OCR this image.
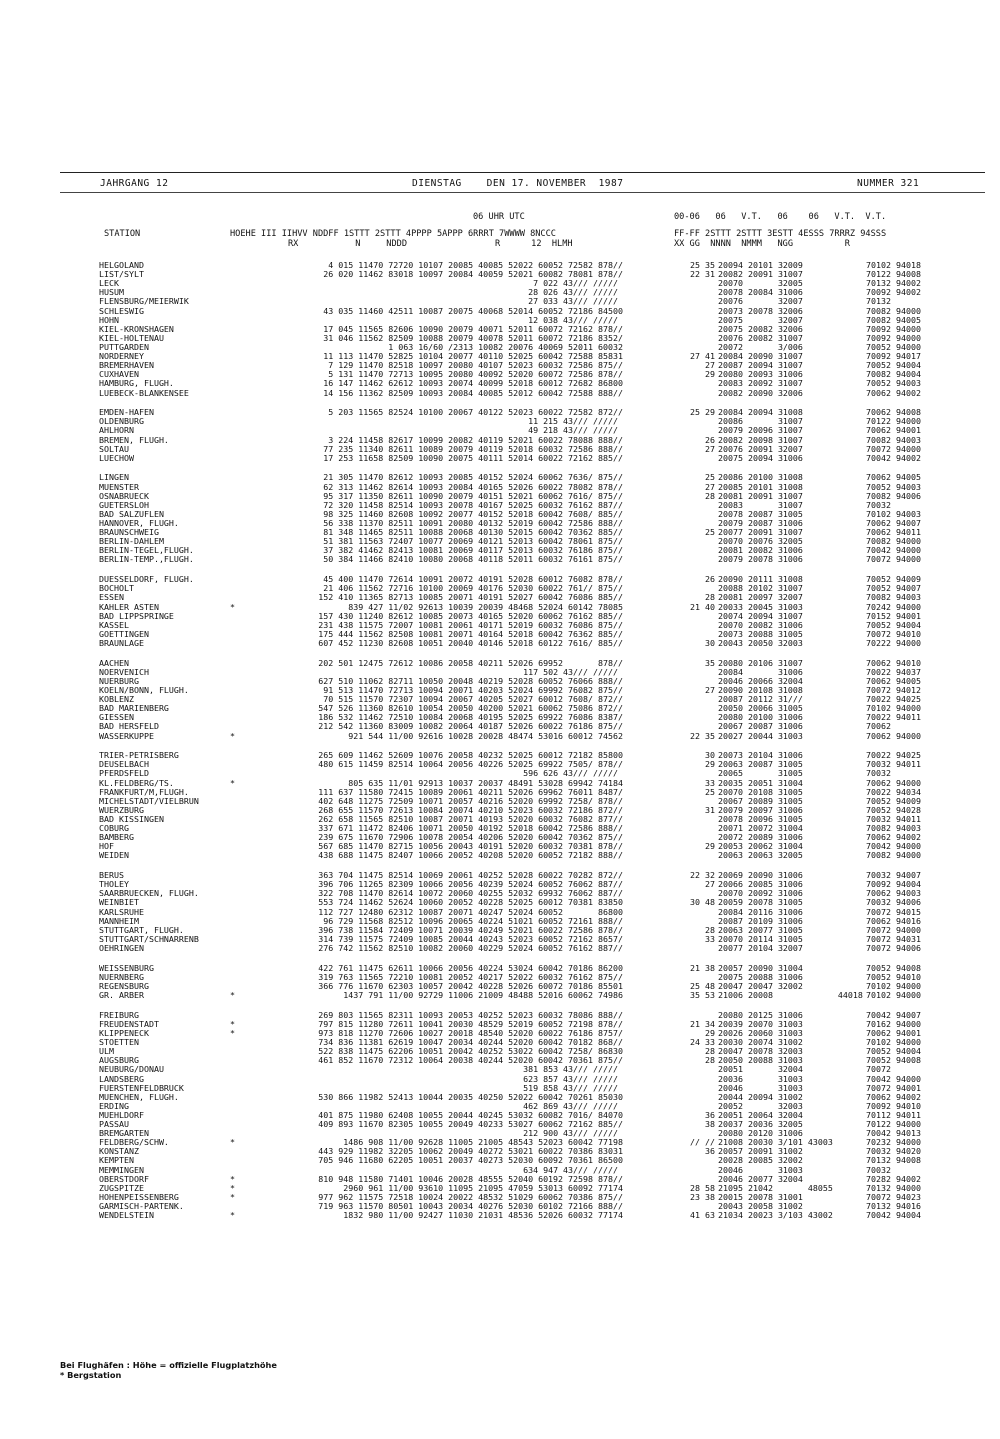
JAHRGANG 12	DIENSTAG    DEN 17. NOVEMBER  1987	NUMMER 321
06 UHR UTC	00-06   06   V.T.   06    06   V.T.  V.T.
STATION	HOEHE III IIHVV NDDFF 1STTT 2STTT 4PPPP 5APPP 6RRRT 7WWWW 8NCCC
RX           N     NDDD                 R      12  HLMH
FF-FF 2STTT 2STTT 3ESTT 4ESSS 7RRRZ 94SSS
XX GG  NNNN  NMMM   NGG          R
HELGOLAND	4 015 11470 72720 10107 20085 40085 52022 60052 72582 878//	25 35 20094 20101 32009	70102 94018
LIST/SYLT	26 020 11462 83018 10097 20084 40059 52021 60082 78081 878//	22 31 20082 20091 31007	70122 94008
LECK	7 022 43/// /////	20070       32005	70132 94002
HUSUM	28 026 43/// /////	20078 20084 31006	70092 94002
FLENSBURG/MEIERWIK	27 033 43/// /////	20076       32007	70132
SCHLESWIG	43 035 11460 42511 10087 20075 40068 52014 60052 72186 84500	20073 20078 32006	70082 94000
HOHN	12 038 43/// /////	20075       32007	70082 94005
KIEL-KRONSHAGEN	17 045 11565 82606 10090 20079 40071 52011 60072 72162 878//	20075 20082 32006	70092 94000
KIEL-HOLTENAU	31 046 11562 82509 10088 20079 40078 52011 60072 72186 8352/	20076 20082 31007	70092 94000
PUTTGARDEN	1 063 16/60 /2313 10082 20076 40069 52011 60032	20072       3/006	70052 94000
NORDERNEY	11 113 11470 52825 10104 20077 40110 52025 60042 72588 85831	27 41 20084 20090 31007	70092 94017
BREMERHAVEN	7 129 11470 82518 10097 20080 40107 52023 60032 72586 875//	27 20087 20094 31007	70052 94004
CUXHAVEN	5 131 11470 72713 10095 20080 40092 52020 60072 72586 878//	29 20080 20093 31006	70082 94004
HAMBURG, FLUGH.	16 147 11462 62612 10093 20074 40099 52018 60012 72682 86800	20083 20092 31007	70052 94003
LUEBECK-BLANKENSEE	14 156 11362 82509 10093 20084 40085 52012 60042 72588 888//	20082 20090 32006	70062 94002
EMDEN-HAFEN	5 203 11565 82524 10100 20067 40122 52023 60022 72582 872//	25 29 20084 20094 31008	70062 94008
OLDENBURG	11 215 43/// /////	20086       31007	70122 94000
AHLHORN	49 218 43/// /////	20079 20096 31007	70062 94001
BREMEN, FLUGH.	3 224 11458 82617 10099 20082 40119 52021 60022 78088 888//	26 20082 20098 31007	70082 94003
SOLTAU	77 235 11340 82611 10089 20079 40119 52018 60032 72586 888//	27 20076 20091 32007	70072 94000
LUECHOW	17 253 11658 82509 10090 20075 40111 52014 60022 72162 885//	20075 20094 31006	70042 94002
LINGEN	21 305 11470 82612 10093 20085 40152 52024 60062 7636/ 875//	25 20086 20100 31008	70062 94005
MUENSTER	62 313 11462 82614 10093 20084 40165 52026 60022 78082 878//	27 20085 20101 31008	70052 94003
OSNABRUECK	95 317 11350 82611 10090 20079 40151 52021 60062 7616/ 875//	28 20081 20091 31007	70082 94006
GUETERSLOH	72 320 11458 82514 10093 20078 40167 52025 60032 76162 887//	20083       31007	70032
BAD SALZUFLEN	98 325 11460 82608 10092 20077 40152 52018 60042 7608/ 885//	20078 20087 31005	70102 94003
HANNOVER, FLUGH.	56 338 11370 82511 10091 20080 40132 52019 60042 72586 888//	20079 20087 31006	70062 94007
BRAUNSCHWEIG	81 348 11465 82511 10088 20068 40130 52015 60042 70362 885//	25 20077 20091 31007	70062 94011
BERLIN-DAHLEM	51 381 11563 72407 10077 20069 40121 52013 60042 78061 875//	20070 20076 32005	70082 94000
BERLIN-TEGEL,FLUGH.	37 382 41462 82413 10081 20069 40117 52013 60032 76186 875//	20081 20082 31006	70042 94000
BERLIN-TEMP.,FLUGH.	50 384 11466 82410 10080 20068 40118 52011 60032 76161 875//	20079 20078 31006	70072 94000
DUESSELDORF, FLUGH.	45 400 11470 72614 10091 20072 40191 52028 60012 76082 878//	26 20090 20111 31008	70052 94009
BOCHOLT	21 406 11562 72716 10100 20069 40176 52030 60022 761// 875//	20088 20102 31007	70052 94007
ESSEN	152 410 11365 82713 10085 20071 40191 52027 60042 76086 885//	28 20081 20097 32007	70082 94003
KAHLER ASTEN	*	839 427 11/02 92613 10039 20039 48468 52024 60142 78085	21 40 20033 20045 31003	70242 94000
BAD LIPPSPRINGE	157 430 11240 82612 10085 20073 40165 52020 60062 76162 885//	20074 20094 31007	70152 94001
KASSEL	231 438 11575 72007 10081 20061 40171 52019 60032 76086 875//	20070 20082 31006	70052 94004
GOETTINGEN	175 444 11562 82508 10081 20071 40164 52018 60042 76362 885//	20073 20088 31005	70072 94010
BRAUNLAGE	607 452 11230 82608 10051 20040 40146 52018 60122 7616/ 885//	30 20043 20050 32003	70222 94000
AACHEN	202 501 12475 72612 10086 20058 40211 52026 69952       878//	35 20080 20106 31007	70062 94010
NOERVENICH	117 502 43/// /////	20084       31006	70022 94037
NUERBURG	627 510 11062 82711 10050 20048 40219 52028 60052 76066 888//	20046 20066 32004	70062 94005
KOELN/BONN, FLUGH.	91 513 11470 72713 10094 20071 40203 52024 69992 76082 875//	27 20090 20108 31008	70072 94012
KOBLENZ	70 515 11570 72307 10094 20067 40205 52027 60012 7608/ 872//	20087 20112 31///	70022 94025
BAD MARIENBERG	547 526 11360 82610 10054 20050 40200 52021 60062 75086 872//	20050 20066 31005	70102 94000
GIESSEN	186 532 11462 72510 10084 20068 40195 52025 69922 76086 8387/	20080 20100 31006	70022 94011
BAD HERSFELD	212 542 11360 83009 10082 20064 40187 52026 60022 76186 875//	20067 20087 31006	70062
WASSERKUPPE	*	921 544 11/00 92616 10028 20028 48474 53016 60012 74562	22 35 20027 20044 31003	70062 94000
TRIER-PETRISBERG	265 609 11462 52609 10076 20058 40232 52025 60012 72182 85800	30 20073 20104 31006	70022 94025
DEUSELBACH	480 615 11459 82514 10064 20056 40226 52025 69922 7505/ 878//	29 20063 20087 31005	70032 94011
PFERDSFELD	596 626 43/// /////	20065       31005	70032
KL.FELDBERG/TS.	*	805 635 11/01 92913 10037 20037 48491 53028 69942 74184	33 20035 20051 31004	70062 94000
FRANKFURT/M,FLUGH.	111 637 11580 72415 10089 20061 40211 52026 69962 76011 8487/	25 20070 20108 31005	70022 94034
MICHELSTADT/VIELBRUN	402 648 11275 72509 10071 20057 40216 52020 69992 7258/ 878//	20067 20089 31005	70052 94009
WUERZBURG	268 655 11570 72613 10084 20074 40210 52023 60032 72186 872//	31 20079 20097 31006	70052 94028
BAD KISSINGEN	262 658 11565 82510 10087 20071 40193 52020 60032 76082 877//	20078 20096 31005	70032 94011
COBURG	337 671 11472 82406 10071 20050 40192 52018 60042 72586 888//	20071 20072 31004	70082 94003
BAMBERG	239 675 11670 72906 10078 20054 40206 52020 60042 70362 875//	20072 20089 31006	70062 94002
HOF	567 685 11470 82715 10056 20043 40191 52020 60032 70381 878//	29 20053 20062 31004	70042 94000
WEIDEN	438 688 11475 82407 10066 20052 40208 52020 60052 72182 888//	20063 20063 32005	70082 94000
BERUS	363 704 11475 82514 10069 20061 40252 52028 60022 70282 872//	22 32 20069 20090 31006	70032 94007
THOLEY	396 706 11265 82309 10066 20056 40239 52024 60052 76062 887//	27 20066 20085 31006	70092 94004
SAARBRUECKEN, FLUGH.	322 708 11470 82614 10072 20060 40255 52032 69932 76062 887//	20070 20092 31006	70062 94003
WEINBIET	553 724 11462 52624 10060 20052 40228 52025 60012 70381 83850	30 48 20059 20078 31005	70032 94006
KARLSRUHE	112 727 12480 62312 10087 20071 40247 52024 60052       86800	20084 20116 31006	70072 94015
MANNHEIM	96 729 11568 82512 10096 20065 40224 51021 60052 72161 888//	20087 20109 31006	70062 94016
STUTTGART, FLUGH.	396 738 11584 72409 10071 20039 40249 52021 60022 72586 878//	28 20063 20077 31005	70072 94000
STUTTGART/SCHNARRENB	314 739 11575 72409 10085 20044 40243 52023 60052 72162 8657/	33 20070 20114 31005	70072 94031
OEHRINGEN	276 742 11562 82510 10082 20060 40229 52024 60052 76162 887//	20077 20104 32007	70072 94006
WEISSENBURG	422 761 11475 62611 10066 20056 40224 53024 60042 70186 86200	21 38 20057 20090 31004	70052 94008
NUERNBERG	319 763 11565 72210 10081 20052 40217 52022 60032 76162 875//	20075 20088 31006	70052 94010
REGENSBURG	366 776 11670 62303 10057 20042 40228 52026 60072 70186 85501	25 48 20047 20047 32002	70102 94000
GR. ARBER	*	1437 791 11/00 92729 11006 21009 48488 52016 60062 74986	35 53 21006 20008             44018 70102 94000
FREIBURG	269 803 11565 82311 10093 20053 40252 52023 60032 78086 888//	20080 20125 31006	70042 94007
FREUDENSTADT	*	797 815 11280 72611 10041 20030 48529 52019 60052 72198 878//	21 34 20039 20070 31003	70162 94000
KLIPPENECK	*	973 818 11270 72606 10027 20018 48540 52020 60022 76186 8757/	29 20026 20060 31003	70062 94001
STOETTEN	734 836 11381 62619 10047 20034 40244 52020 60042 70182 868//	24 33 20030 20074 31002	70102 94000
ULM	522 838 11475 62206 10051 20042 40252 53022 60042 7258/ 86830	28 20047 20078 32003	70052 94004
AUGSBURG	461 852 11670 72312 10064 20038 40244 52020 60042 70361 875//	28 20050 20088 31003	70052 94008
NEUBURG/DONAU	381 853 43/// /////	20051       32004	70072
LANDSBERG	623 857 43/// /////	20036       31003	70042 94000
FUERSTENFELDBRUCK	519 858 43/// /////	20046       31003	70072 94001
MUENCHEN, FLUGH.	530 866 11982 52413 10044 20035 40250 52022 60042 70261 85030	20044 20094 31002	70062 94002
ERDING	462 869 43/// /////	20052       32003	70092 94010
MUEHLDORF	401 875 11980 62408 10055 20044 40245 53032 60082 7016/ 84070	36 20051 20064 32004	70112 94011
PASSAU	409 893 11670 82305 10055 20049 40233 53027 60062 72162 885//	38 20037 20036 32005	70122 94000
BREMGARTEN	212 900 43/// /////	20080 20120 31006	70042 94013
FELDBERG/SCHW.	*	1486 908 11/00 92628 11005 21005 48543 52023 60042 77198	// // 21008 20030 3/101 43003	70232 94000
KONSTANZ	443 929 11982 32205 10062 20049 40272 53021 60022 70386 83031	36 20057 20091 31002	70032 94020
KEMPTEN	705 946 11680 62205 10051 20037 40273 52030 60092 70361 86500	20028 20085 32002	70132 94008
MEMMINGEN	634 947 43/// /////	20046       31003	70032
OBERSTDORF	*	810 948 11580 71401 10046 20028 48555 52040 60192 72598 878//	20046 20077 32004	70282 94002
ZUGSPITZE	*	2960 961 11/00 93610 11095 21095 47059 53013 60092 77174	28 58 21095 21042       48055	70132 94000
HOHENPEISSENBERG	*	977 962 11575 72518 10024 20022 48532 51029 60062 70386 875//	23 38 20015 20078 31001	70072 94023
GARMISCH-PARTENK.	719 963 11570 80501 10043 20034 40276 52030 60102 72166 888//	20043 20058 31002	70132 94016
WENDELSTEIN	*	1832 980 11/00 92427 11030 21031 48536 52026 60032 77174	41 63 21034 20023 3/103 43002	70042 94004
Bei Flughäfen : Höhe = offizielle Flugplatzhöhe
* Bergstation
